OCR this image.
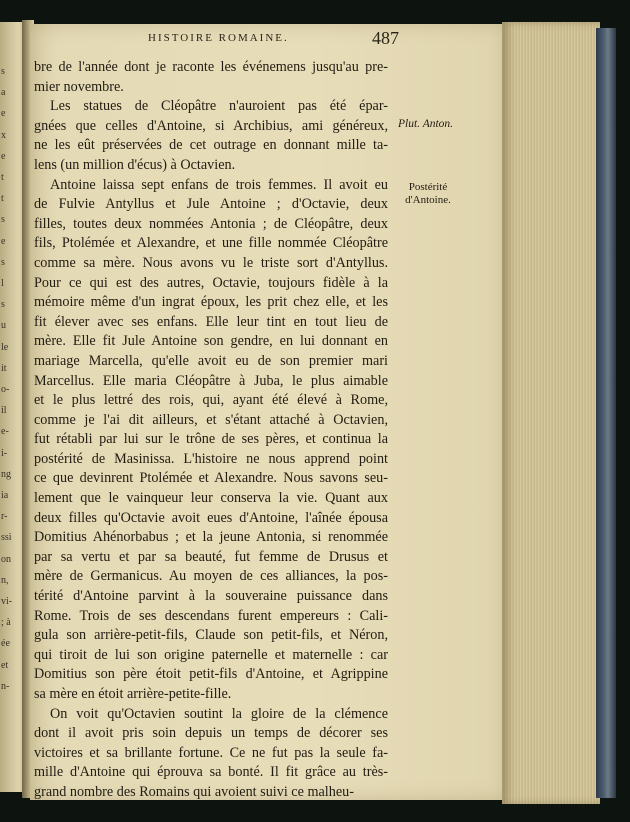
s
a
e
x
e
t
t
s
e
s
l
s
u
le
it
o-
il
e-
i-
ng
ia
r-
ssi
on
n,
vi-
; à
ée
et
n-
HISTOIRE ROMAINE.	487
Plut. Anton.
Postérité
d'Antoine.
bre de l'année dont je raconte les événemens jusqu'au pre-
mier novembre.
Les statues de Cléopâtre n'auroient pas été épar-
gnées que celles d'Antoine, si Archibius, ami généreux,
ne les eût préservées de cet outrage en donnant mille ta-
lens (un million d'écus) à Octavien.
Antoine laissa sept enfans de trois femmes. Il avoit eu
de Fulvie Antyllus et Jule Antoine ; d'Octavie, deux
filles, toutes deux nommées Antonia ; de Cléopâtre, deux
fils, Ptolémée et Alexandre, et une fille nommée Cléopâtre
comme sa mère. Nous avons vu le triste sort d'Antyllus.
Pour ce qui est des autres, Octavie, toujours fidèle à la
mémoire même d'un ingrat époux, les prit chez elle, et les
fit élever avec ses enfans. Elle leur tint en tout lieu de
mère. Elle fit Jule Antoine son gendre, en lui donnant en
mariage Marcella, qu'elle avoit eu de son premier mari
Marcellus. Elle maria Cléopâtre à Juba, le plus aimable
et le plus lettré des rois, qui, ayant été élevé à Rome,
comme je l'ai dit ailleurs, et s'étant attaché à Octavien,
fut rétabli par lui sur le trône de ses pères, et continua la
postérité de Masinissa. L'histoire ne nous apprend point
ce que devinrent Ptolémée et Alexandre. Nous savons seu-
lement que le vainqueur leur conserva la vie. Quant aux
deux filles qu'Octavie avoit eues d'Antoine, l'aînée épousa
Domitius Ahénorbabus ; et la jeune Antonia, si renommée
par sa vertu et par sa beauté, fut femme de Drusus et
mère de Germanicus. Au moyen de ces alliances, la pos-
térité d'Antoine parvint à la souveraine puissance dans
Rome. Trois de ses descendans furent empereurs : Cali-
gula son arrière-petit-fils, Claude son petit-fils, et Néron,
qui tiroit de lui son origine paternelle et maternelle : car
Domitius son père étoit petit-fils d'Antoine, et Agrippine
sa mère en étoit arrière-petite-fille.
On voit qu'Octavien soutint la gloire de la clémence
dont il avoit pris soin depuis un temps de décorer ses
victoires et sa brillante fortune. Ce ne fut pas la seule fa-
mille d'Antoine qui éprouva sa bonté. Il fit grâce au très-
grand nombre des Romains qui avoient suivi ce malheu-
